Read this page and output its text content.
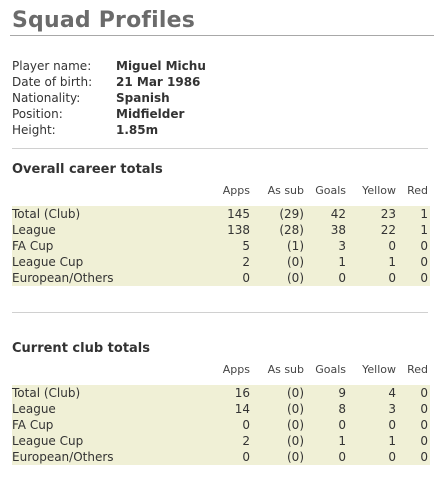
Squad Profiles
Player name: Miguel Michu
Date of birth: 21 Mar 1986
Nationality:	Spanish
Position:	Midfielder
Height:	1.85m
Overall career totals
	Apps	As sub	Goals	Yellow	Red
Total (Club)	145	(29)	42	23	1
League	138	(28)	38	22	1
FA Cup	5	(1)	3	0	0
League Cup	2	(0)	1	1	0
European/Others	0	(0)	0	0	0
Current club totals
	Apps	As sub	Goals	Yellow	Red
Total (Club)	16	(0)	9	4	0
League	14	(0)	8	3	0
FA Cup	0	(0)	0	0	0
League Cup	2	(0)	1	1	0
European/Others	0	(0)	0	0	0
